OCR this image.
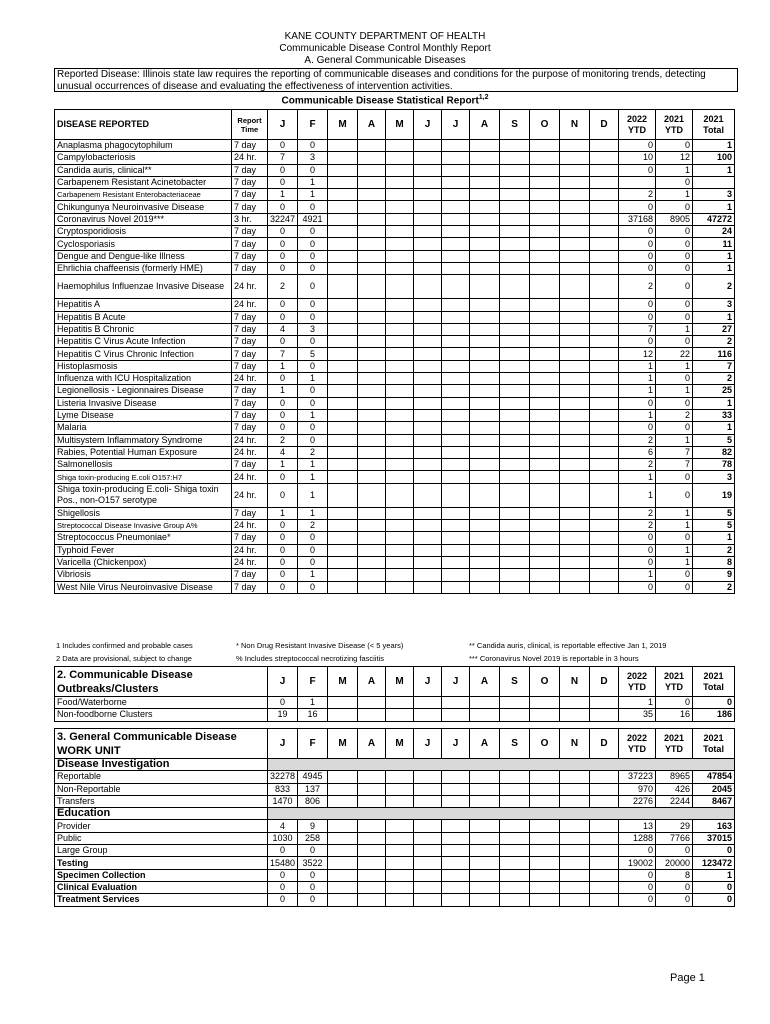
KANE COUNTY DEPARTMENT OF HEALTH
Communicable Disease Control Monthly Report
A. General Communicable Diseases
Reported Disease: Illinois state law requires the reporting of communicable diseases and conditions for the purpose of monitoring trends, detecting unusual occurrences of disease and evaluating the effectiveness of intervention activities.
Communicable Disease Statistical Report$^{1,2}$
DISEASE REPORTED	Report Time	J	F	M	A	M	J	J	A	S	O	N	D	2022 YTD	2021 YTD	2021 Total
Anaplasma phagocytophilum	7 day	0	0											0	0	1
Campylobacteriosis	24 hr.	7	3											10	12	100
Candida auris, clinical**	7 day	0	0											0	1	1
Carbapenem Resistant Acinetobacter	7 day	0	1												0	
Carbapenem Resistant Enterobacteriaceae	7 day	1	1											2	1	3
Chikungunya Neuroinvasive Disease	7 day	0	0											0	0	1
Coronavirus Novel 2019***	3 hr.	32247	4921											37168	8905	47272
Cryptosporidiosis	7 day	0	0											0	0	24
Cyclosporiasis	7 day	0	0											0	0	11
Dengue and Dengue-like Illness	7 day	0	0											0	0	1
Ehrlichia chaffeensis (formerly HME)	7 day	0	0											0	0	1
Haemophilus Influenzae Invasive Disease	24 hr.	2	0											2	0	2
Hepatitis A	24 hr.	0	0											0	0	3
Hepatitis B Acute	7 day	0	0											0	0	1
Hepatitis B Chronic	7 day	4	3											7	1	27
Hepatitis C Virus Acute Infection	7 day	0	0											0	0	2
Hepatitis C Virus Chronic Infection	7 day	7	5											12	22	116
Histoplasmosis	7 day	1	0											1	1	7
Influenza with ICU Hospitalization	24 hr.	0	1											1	0	2
Legionellosis - Legionnaires Disease	7 day	1	0											1	1	25
Listeria Invasive Disease	7 day	0	0											0	0	1
Lyme Disease	7 day	0	1											1	2	33
Malaria	7 day	0	0											0	0	1
Multisystem Inflammatory Syndrome	24 hr.	2	0											2	1	5
Rabies, Potential Human Exposure	24 hr.	4	2											6	7	82
Salmonellosis	7 day	1	1											2	7	78
Shiga toxin-producing E.coli O157:H7	24 hr.	0	1											1	0	3
Shiga toxin-producing E.coli- Shiga toxin Pos., non-O157 serotype	24 hr.	0	1											1	0	19
Shigellosis	7 day	1	1											2	1	5
Streptococcal Disease Invasive Group A%	24 hr.	0	2											2	1	5
Streptococcus Pneumoniae*	7 day	0	0											0	0	1
Typhoid Fever	24 hr.	0	0											0	1	2
Varicella (Chickenpox)	24 hr.	0	0											0	1	8
Vibriosis	7 day	0	1											1	0	9
West Nile Virus Neuroinvasive Disease	7 day	0	0											0	0	2
1 Includes confirmed and probable cases
2 Data are provisional, subject to change
* Non Drug Resistant Invasive Disease (< 5 years)
% Includes streptococcal necrotizing fasciitis
** Candida auris, clinical, is reportable effective Jan 1, 2019
*** Coronavirus Novel 2019 is reportable in 3 hours
2. Communicable Disease Outbreaks/Clusters	J	F	M	A	M	J	J	A	S	O	N	D	2022 YTD	2021 YTD	2021 Total
Food/Waterborne	0	1											1	0	0
Non-foodborne Clusters	19	16											35	16	186
3. General Communicable Disease WORK UNIT	J	F	M	A	M	J	J	A	S	O	N	D	2022 YTD	2021 YTD	2021 Total
Disease Investigation															
Reportable	32278	4945											37223	8965	47854
Non-Reportable	833	137											970	426	2045
Transfers	1470	806											2276	2244	8467
Education															
Provider	4	9											13	29	163
Public	1030	258											1288	7766	37015
Large Group	0	0											0	0	0
Testing	15480	3522											19002	20000	123472
Specimen Collection	0	0											0	8	1
Clinical Evaluation	0	0											0	0	0
Treatment Services	0	0											0	0	0
Page 1
